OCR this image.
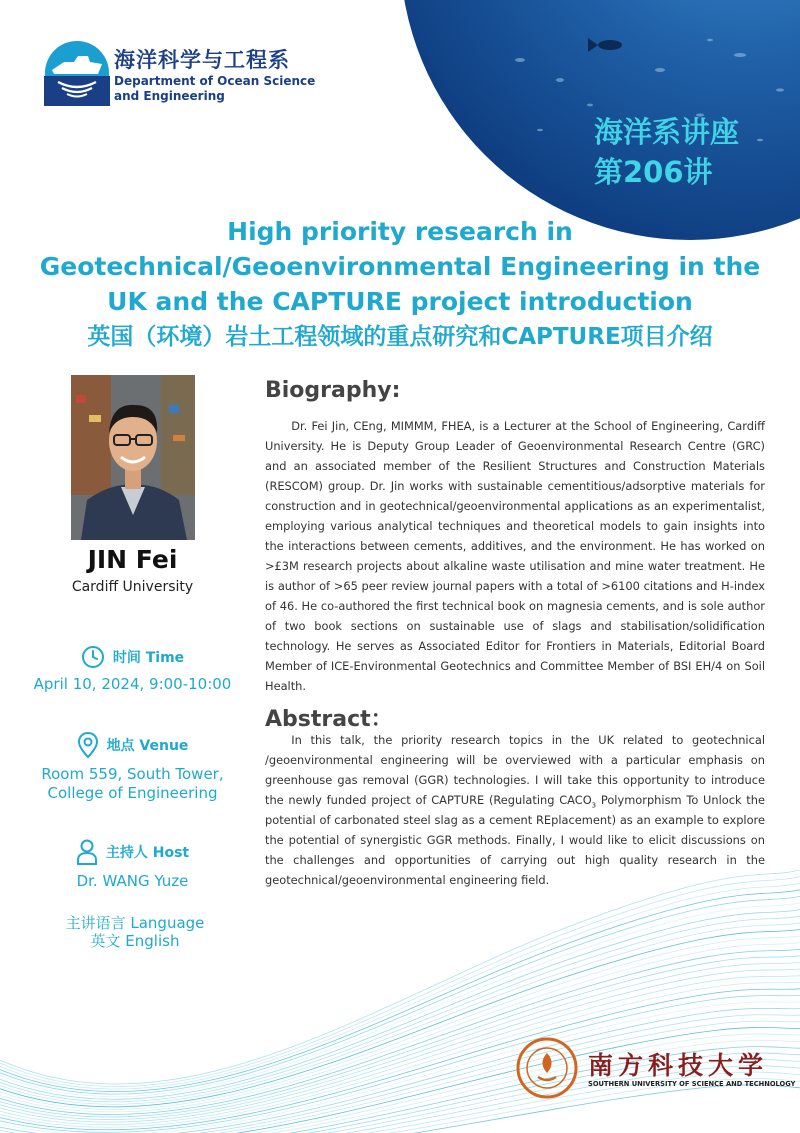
海洋系讲座
第206讲
海洋科学与工程系
Department of Ocean Science
and Engineering
High priority research in
Geotechnical/Geoenvironmental Engineering in the
UK and the CAPTURE project introduction
英国（环境）岩土工程领域的重点研究和CAPTURE项目介绍
JIN Fei
Cardiff University
时间 Time
April 10, 2024, 9:00-10:00
地点 Venue
Room 559, South Tower,
College of Engineering
主持人 Host
Dr. WANG Yuze
主讲语言 Language
英文 English
Biography:
Dr. Fei Jin, CEng, MIMMM, FHEA, is a Lecturer at the School of Engineering, Cardiff University. He is Deputy Group Leader of Geoenvironmental Research Centre (GRC) and an associated member of the Resilient Structures and Construction Materials (RESCOM) group. Dr. Jin works with sustainable cementitious/adsorptive materials for construction and in geotechnical/geoenvironmental applications as an experimentalist, employing various analytical techniques and theoretical models to gain insights into the interactions between cements, additives, and the environment. He has worked on >£3M research projects about alkaline waste utilisation and mine water treatment. He is author of >65 peer review journal papers with a total of >6100 citations and H-index of 46. He co-authored the first technical book on magnesia cements, and is sole author of two book sections on sustainable use of slags and stabilisation/solidification technology. He serves as Associated Editor for Frontiers in Materials, Editorial Board Member of ICE-Environmental Geotechnics and Committee Member of BSI EH/4 on Soil Health.
Abstract：
In this talk, the priority research topics in the UK related to geotechnical /geoenvironmental engineering will be overviewed with a particular emphasis on greenhouse gas removal (GGR) technologies. I will take this opportunity to introduce the newly funded project of CAPTURE (Regulating $CACO_3$ Polymorphism To Unlock the potential of carbonated steel slag as a cement REplacement) as an example to explore the potential of synergistic GGR methods. Finally, I would like to elicit discussions on the challenges and opportunities of carrying out high quality research in the geotechnical/geoenvironmental engineering field.
南方科技大学
SOUTHERN UNIVERSITY OF SCIENCE AND TECHNOLOGY
